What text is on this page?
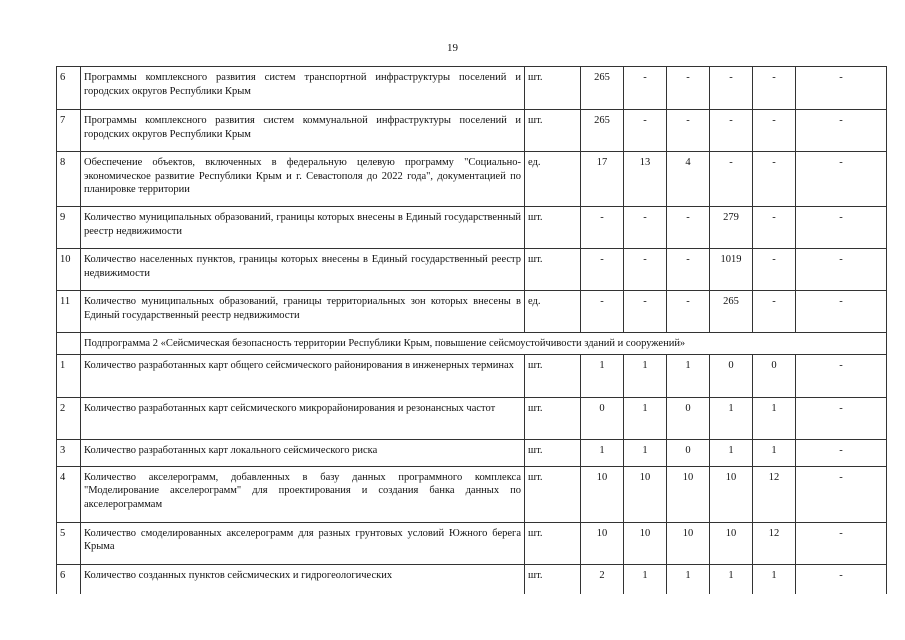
19
6	Программы комплексного развития систем транспортной инфраструктуры поселений и городских округов Республики Крым	шт.	265	-	-	-	-	-
7	Программы комплексного развития систем коммунальной инфраструктуры поселений и городских округов Республики Крым	шт.	265	-	-	-	-	-
8	Обеспечение объектов, включенных в федеральную целевую программу "Социально-экономическое развитие Республики Крым и г. Севастополя до 2022 года", документацией по планировке территории	ед.	17	13	4	-	-	-
9	Количество муниципальных образований, границы которых внесены в Единый государственный реестр недвижимости	шт.	-	-	-	279	-	-
10	Количество населенных пунктов, границы которых внесены в Единый государственный реестр недвижимости	шт.	-	-	-	1019	-	-
11	Количество муниципальных образований, границы территориальных зон которых внесены в Единый государственный реестр недвижимости	ед.	-	-	-	265	-	-
	Подпрограмма 2 «Сейсмическая безопасность территории Республики Крым, повышение сейсмоустойчивости зданий и сооружений»							
1	Количество разработанных карт общего сейсмического районирования в инженерных терминах	шт.	1	1	1	0	0	-
2	Количество разработанных карт сейсмического микрорайонирования и резонансных частот	шт.	0	1	0	1	1	-
3	Количество разработанных карт локального сейсмического риска	шт.	1	1	0	1	1	-
4	Количество акселерограмм, добавленных в базу данных программного комплекса "Моделирование акселерограмм" для проектирования и создания банка данных по акселерограммам	шт.	10	10	10	10	12	-
5	Количество смоделированных акселерограмм для разных грунтовых условий Южного берега Крыма	шт.	10	10	10	10	12	-
6	Количество созданных пунктов сейсмических и гидрогеологических	шт.	2	1	1	1	1	-
